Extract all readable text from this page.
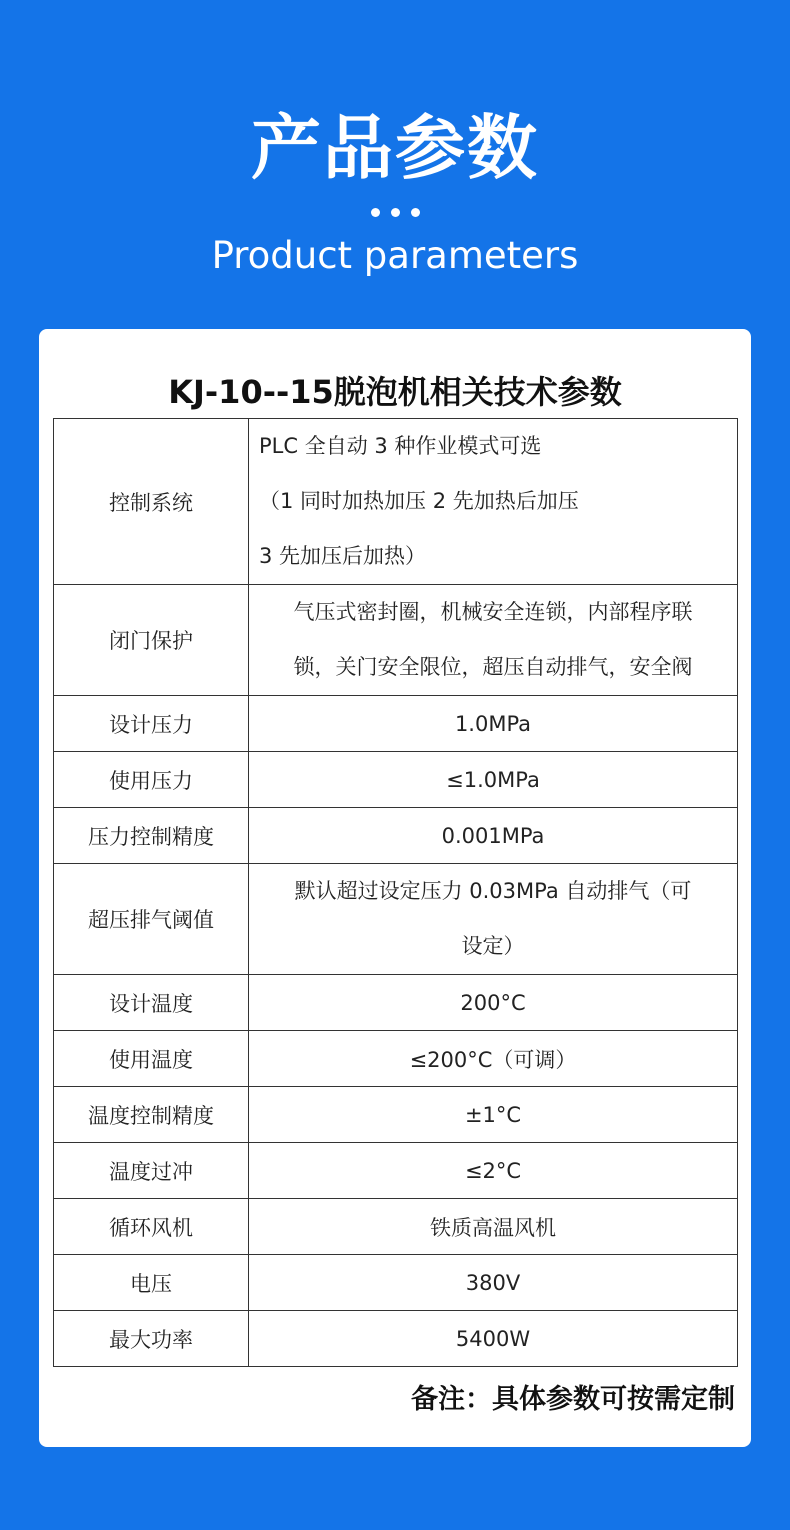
产品参数
Product parameters
KJ-10--15脱泡机相关技术参数
控制系统	PLC 全自动 3 种作业模式可选
（1 同时加热加压 2 先加热后加压
3 先加压后加热）

闭门保护	气压式密封圈，机械安全连锁，内部程序联
锁，关门安全限位，超压自动排气，安全阀

设计压力	1.0MPa
使用压力	≤1.0MPa
压力控制精度	0.001MPa
超压排气阈值	默认超过设定压力 0.03MPa 自动排气（可
设定）

设计温度	200°C
使用温度	≤200°C（可调）
温度控制精度	±1°C
温度过冲	≤2°C
循环风机	铁质高温风机
电压	380V
最大功率	5400W
备注：具体参数可按需定制
